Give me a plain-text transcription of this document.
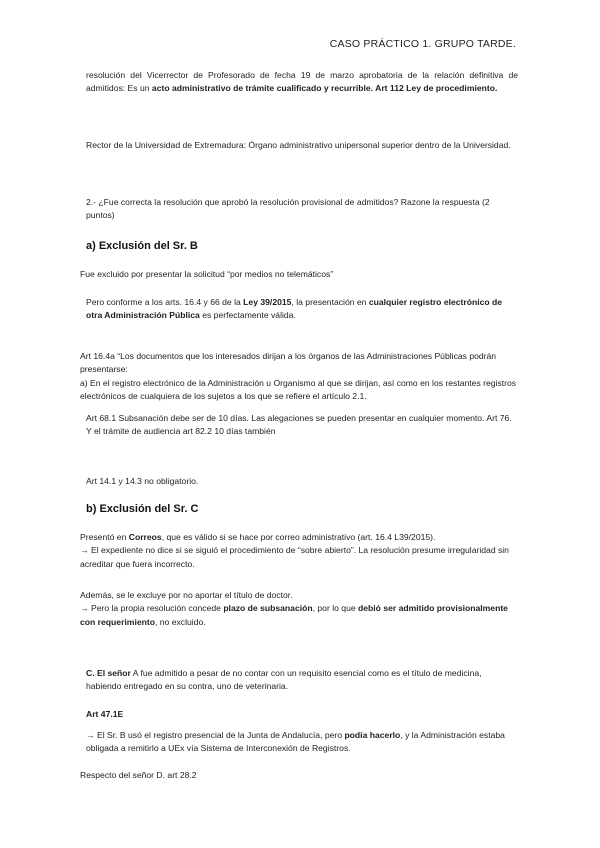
CASO PRÁCTICO 1. GRUPO TARDE.
resolución del Vicerrector de Profesorado de fecha 19 de marzo aprobatoria de la relación definitiva de admitidos: Es un acto administrativo de trámite cualificado y recurrible. Art 112 Ley de procedimiento.
Rector de la Universidad de Extremadura: Órgano administrativo unipersonal superior dentro de la Universidad.
2.- ¿Fue correcta la resolución que aprobó la resolución provisional de admitidos? Razone la respuesta (2 puntos)
a) Exclusión del Sr. B
Fue excluido por presentar la solicitud “por medios no telemáticos”
Pero conforme a los arts. 16.4 y 66 de la Ley 39/2015, la presentación en cualquier registro electrónico de otra Administración Pública es perfectamente válida.
Art 16.4a “Los documentos que los interesados dirijan a los órganos de las Administraciones Públicas podrán presentarse:
a) En el registro electrónico de la Administración u Organismo al que se dirijan, así como en los restantes registros electrónicos de cualquiera de los sujetos a los que se refiere el artículo 2.1.
Art 68.1 Subsanación debe ser de 10 días. Las alegaciones se pueden presentar en cualquier momento. Art 76. Y el trámite de audiencia art 82.2 10 días también
Art 14.1 y 14.3 no obligatorio.
b) Exclusión del Sr. C
Presentó en Correos, que es válido si se hace por correo administrativo (art. 16.4 L39/2015).
→ El expediente no dice si se siguió el procedimiento de “sobre abierto”. La resolución presume irregularidad sin acreditar que fuera incorrecto.
Además, se le excluye por no aportar el título de doctor.
→ Pero la propia resolución concede plazo de subsanación, por lo que debió ser admitido provisionalmente con requerimiento, no excluido.
C. El señor A fue admitido a pesar de no contar con un requisito esencial como es el título de medicina, habiendo entregado en su contra, uno de veterinaria.
Art 47.1E
→ El Sr. B usó el registro presencial de la Junta de Andalucía, pero podía hacerlo, y la Administración estaba obligada a remitirlo a UEx vía Sistema de Interconexión de Registros.
Respecto del señor D. art 28.2
